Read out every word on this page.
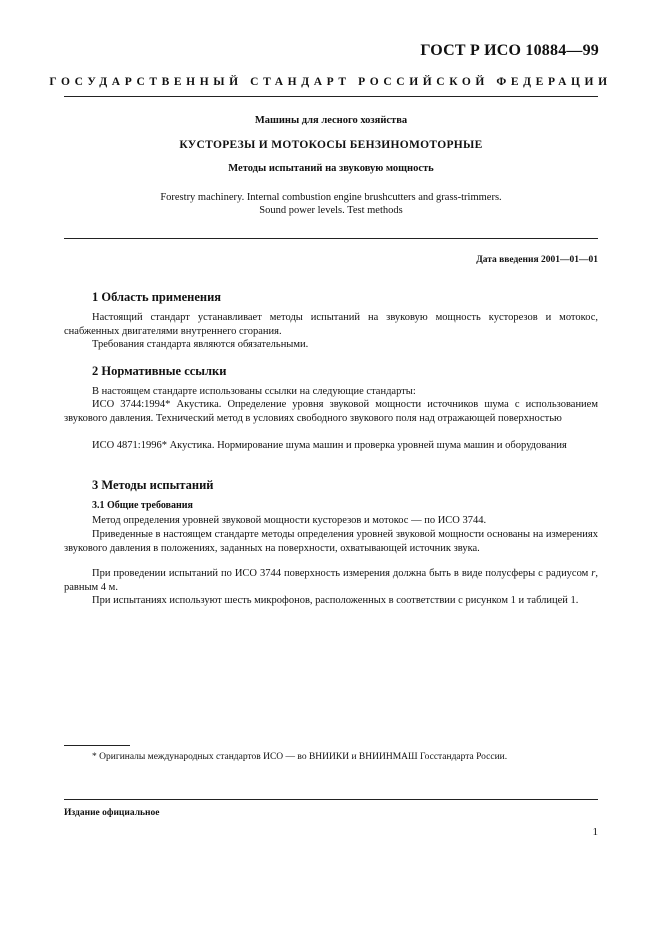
ГОСТ Р ИСО 10884—99
ГОСУДАРСТВЕННЫЙ СТАНДАРТ РОССИЙСКОЙ ФЕДЕРАЦИИ
Машины для лесного хозяйства
КУСТОРЕЗЫ И МОТОКОСЫ БЕНЗИНОМОТОРНЫЕ
Методы испытаний на звуковую мощность
Forestry machinery. Internal combustion engine brushcutters and grass-trimmers.
Sound power levels. Test methods
Дата введения 2001—01—01
1 Область применения

Настоящий стандарт устанавливает методы испытаний на звуковую мощность кусторезов и мотокос, снабженных двигателями внутреннего сгорания.

Требования стандарта являются обязательными.

2 Нормативные ссылки

В настоящем стандарте использованы ссылки на следующие стандарты:

ИСО 3744:1994* Акустика. Определение уровня звуковой мощности источников шума с использованием звукового давления. Технический метод в условиях свободного звукового поля над отражающей поверхностью

ИСО 4871:1996* Акустика. Нормирование шума машин и проверка уровней шума машин и оборудования

3 Методы испытаний
3.1 Общие требования

Метод определения уровней звуковой мощности кусторезов и мотокос — по ИСО 3744.

Приведенные в настоящем стандарте методы определения уровней звуковой мощности основаны на измерениях звукового давления в положениях, заданных на поверхности, охватывающей источник звука.

При проведении испытаний по ИСО 3744 поверхность измерения должна быть в виде полусферы с радиусом r, равным 4 м.

При испытаниях используют шесть микрофонов, расположенных в соответствии с рисунком 1 и таблицей 1.

* Оригиналы международных стандартов ИСО — во ВНИИКИ и ВНИИНМАШ Госстандарта России.
Издание официальное
1
